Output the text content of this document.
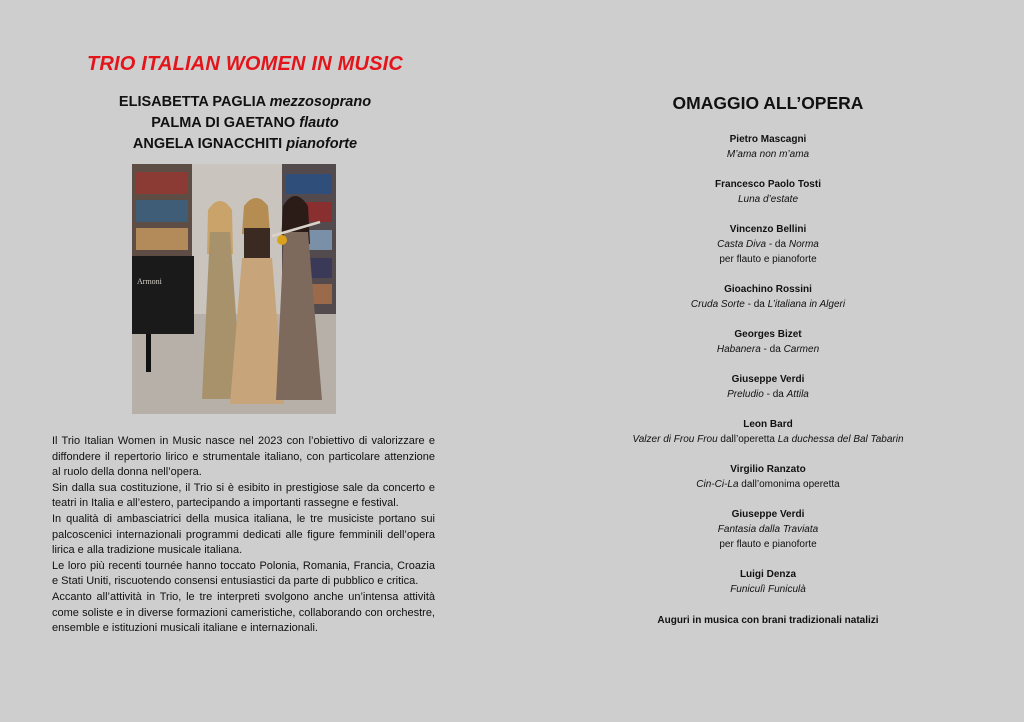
TRIO ITALIAN WOMEN IN MUSIC
ELISABETTA PAGLIA mezzosoprano
PALMA DI GAETANO flauto
ANGELA IGNACCHITI pianoforte
Armoni

Il Trio Italian Women in Music nasce nel 2023 con l’obiettivo di valorizzare e diffondere il repertorio lirico e strumentale italiano, con particolare attenzione al ruolo della donna nell’opera.

Sin dalla sua costituzione, il Trio si è esibito in prestigiose sale da concerto e teatri in Italia e all’estero, partecipando a importanti rassegne e festival.

In qualità di ambasciatrici della musica italiana, le tre musiciste portano sui palcoscenici internazionali programmi dedicati alle figure femminili dell’opera lirica e alla tradizione musicale italiana.

Le loro più recenti tournée hanno toccato Polonia, Romania, Francia, Croazia e Stati Uniti, riscuotendo consensi entusiastici da parte di pubblico e critica.

Accanto all’attività in Trio, le tre interpreti svolgono anche un’intensa attività come soliste e in diverse formazioni cameristiche, collaborando con orchestre, ensemble e istituzioni musicali italiane e internazionali.

OMAGGIO ALL’OPERA
Pietro Mascagni
M’ama non m’ama
Francesco Paolo Tosti
Luna d’estate
Vincenzo Bellini
Casta Diva - da Norma
per flauto e pianoforte
Gioachino Rossini
Cruda Sorte - da L’italiana in Algeri
Georges Bizet
Habanera - da Carmen
Giuseppe Verdi
Preludio - da Attila
Leon Bard
Valzer di Frou Frou dall’operetta La duchessa del Bal Tabarin
Virgilio Ranzato
Cin-Ci-La dall’omonima operetta
Giuseppe Verdi
Fantasia dalla Traviata
per flauto e pianoforte
Luigi Denza
Funiculì Funiculà
Auguri in musica con brani tradizionali natalizi
